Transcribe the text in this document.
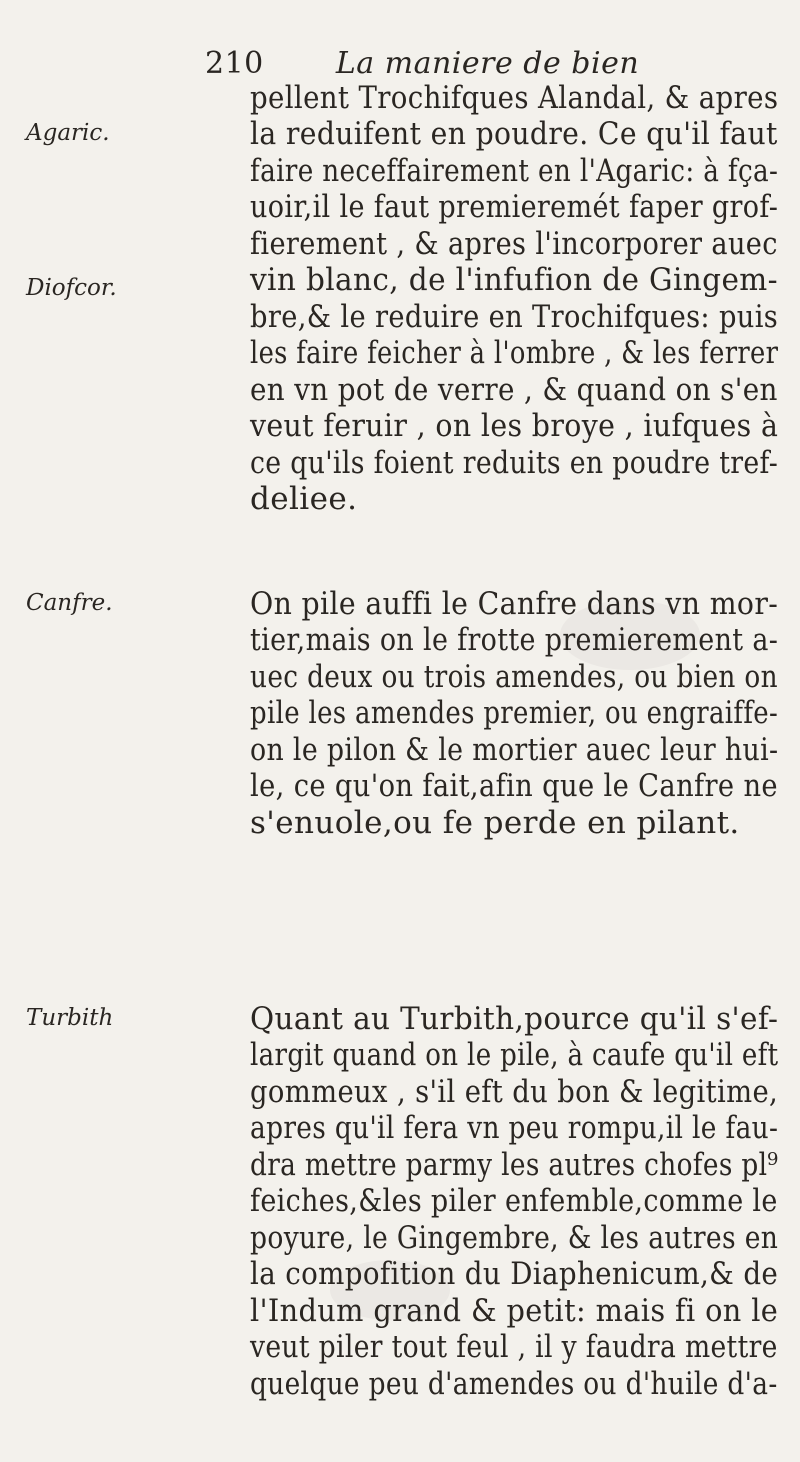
210 La maniere de bien
Agaric.
Diofcor.
Canfre.
Turbith
pellent Trochifques Alandal, & apres
la reduifent en poudre. Ce qu'il faut
faire neceffairement en l'Agaric: à fça-
uoir,il le faut premieremét faper grof-
fierement , & apres l'incorporer auec
vin blanc, de l'infufion de Gingem-
bre,& le reduire en Trochifques: puis
les faire feicher à l'ombre , & les ferrer
en vn pot de verre , & quand on s'en
veut feruir , on les broye , iufques à
ce qu'ils foient reduits en poudre tref-
deliee.
On pile auffi le Canfre dans vn mor-
tier,mais on le frotte premierement a-
uec deux ou trois amendes, ou bien on
pile les amendes premier, ou engraiffe-
on le pilon & le mortier auec leur hui-
le, ce qu'on fait,afin que le Canfre ne
s'enuole,ou fe perde en pilant.
Quant au Turbith,pource qu'il s'ef-
largit quand on le pile, à caufe qu'il eft
gommeux , s'il eft du bon & legitime,
apres qu'il fera vn peu rompu,il le fau-
dra mettre parmy les autres chofes pl⁹
feiches,&les piler enfemble,comme le
poyure, le Gingembre, & les autres en
la compofition du Diaphenicum,& de
l'Indum grand & petit: mais fi on le
veut piler tout feul , il y faudra mettre
quelque peu d'amendes ou d'huile d'a-
